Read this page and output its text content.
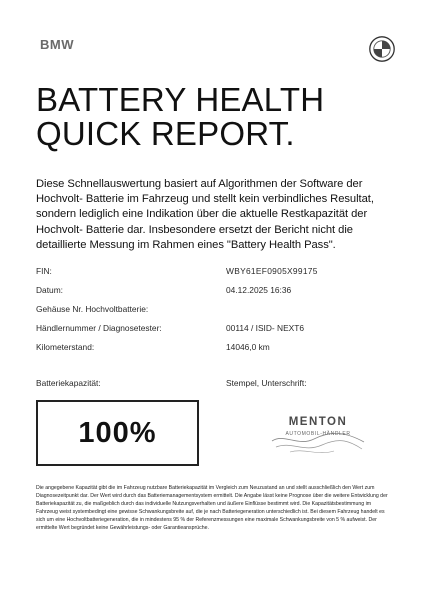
BMW
BATTERY HEALTH
QUICK REPORT.

Diese Schnellauswertung basiert auf Algorithmen der Software der Hochvolt- Batterie im Fahrzeug und stellt kein verbindliches Resultat, sondern lediglich eine Indikation über die aktuelle Restkapazität der Hochvolt- Batterie dar. Insbesondere ersetzt der Bericht nicht die detaillierte Messung im Rahmen eines "Battery Health Pass".

FIN:	WBY61EF0905X99175
Datum:	04.12.2025 16:36
Gehäuse Nr. Hochvoltbatterie:
Händlernummer / Diagnosetester:	00114 / ISID- NEXT6
Kilometerstand:	14046,0 km
Batteriekapazität:	Stempel, Unterschrift:
100%	MENTON
AUTOMOBIL-HÄNDLER

Die angegebene Kapazität gibt die im Fahrzeug nutzbare Batteriekapazität im Vergleich zum Neuzustand an und stellt ausschließlich den Wert zum Diagnosezeitpunkt dar. Der Wert wird durch das Batteriemanagementsystem ermittelt. Die Angabe lässt keine Prognose über die weitere Entwicklung der Batteriekapazität zu, die maßgeblich durch das individuelle Nutzungsverhalten und äußere Einflüsse bestimmt wird. Die Kapazitätsbestimmung im Fahrzeug weist systembedingt eine gewisse Schwankungsbreite auf, die je nach Batteriegeneration unterschiedlich ist. Bei diesem Fahrzeug handelt es sich um eine Hochvoltbatteriegeneration, die in mindestens 95 % der Referenzmessungen eine maximale Schwankungsbreite von 5 % aufweist. Der ermittelte Wert begründet keine Gewährleistungs- oder Garantieansprüche.
